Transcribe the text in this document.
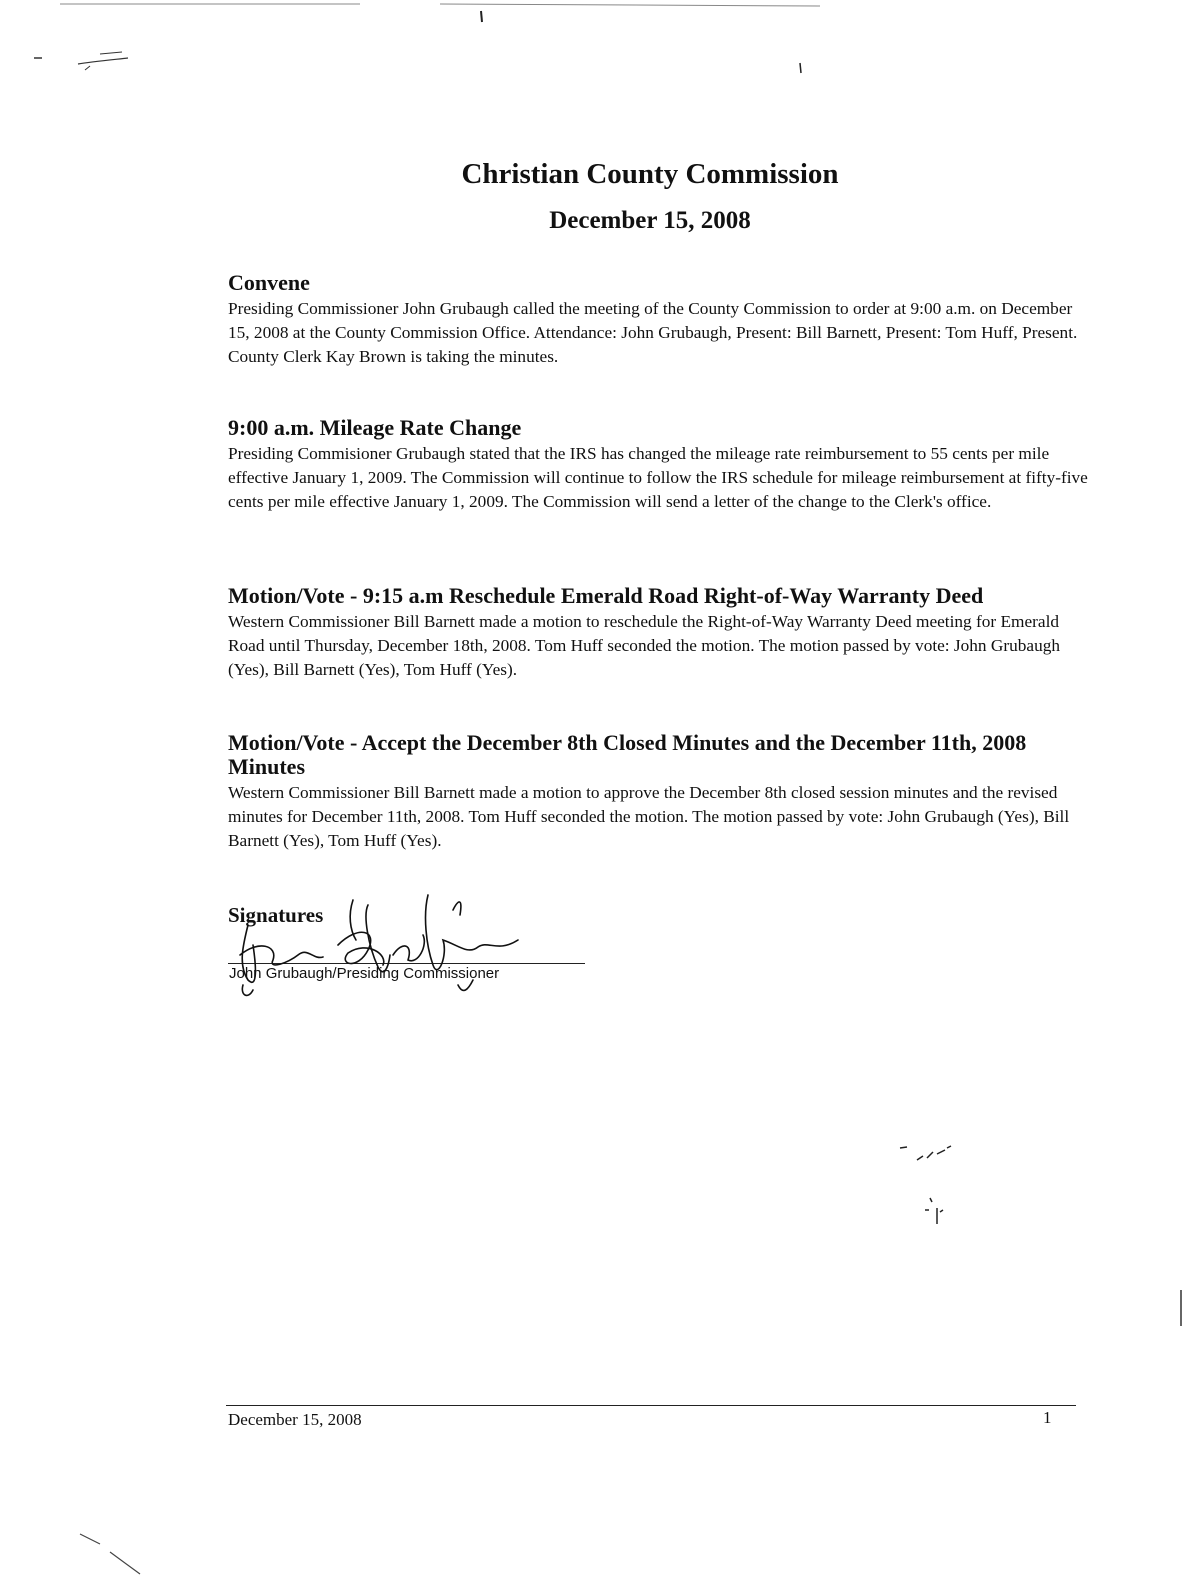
Christian County Commission
December 15, 2008
Convene

Presiding Commissioner John Grubaugh called the meeting of the County Commission to order at 9:00 a.m. on December 15, 2008 at the County Commission Office. Attendance: John Grubaugh, Present: Bill Barnett, Present: Tom Huff, Present. County Clerk Kay Brown is taking the minutes.

9:00 a.m. Mileage Rate Change

Presiding Commisioner Grubaugh stated that the IRS has changed the mileage rate reimbursement to 55 cents per mile effective January 1, 2009. The Commission will continue to follow the IRS schedule for mileage reimbursement at fifty-five cents per mile effective January 1, 2009. The Commission will send a letter of the change to the Clerk's office.

Motion/Vote - 9:15 a.m Reschedule Emerald Road Right-of-Way Warranty Deed

Western Commissioner Bill Barnett made a motion to reschedule the Right-of-Way Warranty Deed meeting for Emerald Road until Thursday, December 18th, 2008. Tom Huff seconded the motion. The motion passed by vote: John Grubaugh (Yes), Bill Barnett (Yes), Tom Huff (Yes).

Motion/Vote - Accept the December 8th Closed Minutes and the December 11th, 2008 Minutes

Western Commissioner Bill Barnett made a motion to approve the December 8th closed session minutes and the revised minutes for December 11th, 2008. Tom Huff seconded the motion. The motion passed by vote: John Grubaugh (Yes), Bill Barnett (Yes), Tom Huff (Yes).

Signatures
John Grubaugh/Presiding Commissioner
December 15, 2008	1
